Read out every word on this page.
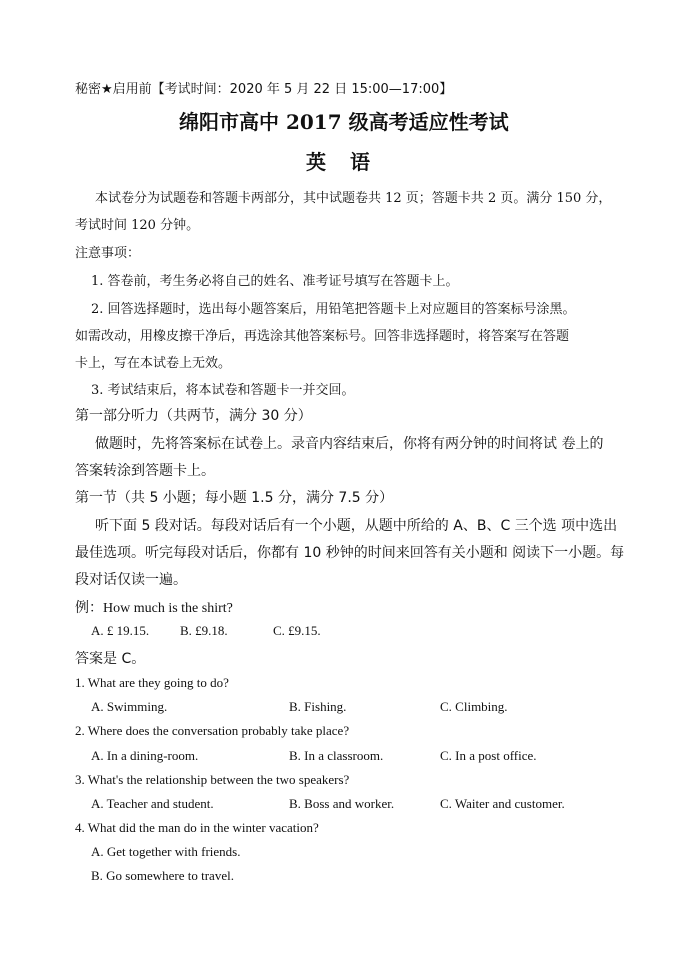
秘密★启用前【考试时间：2020 年 5 月 22 日 15:00—17:00】
绵阳市高中 2017 级高考适应性考试
英语
本试卷分为试题卷和答题卡两部分，其中试题卷共 12 页；答题卡共 2 页。满分 150 分，
考试时间 120 分钟。
注意事项：
1. 答卷前，考生务必将自己的姓名、准考证号填写在答题卡上。
2. 回答选择题时，选出每小题答案后，用铅笔把答题卡上对应题目的答案标号涂黑。
如需改动，用橡皮擦干净后，再选涂其他答案标号。回答非选择题时，将答案写在答题
卡上，写在本试卷上无效。
3. 考试结束后，将本试卷和答题卡一并交回。
第一部分听力（共两节，满分 30 分）
做题时，先将答案标在试卷上。录音内容结束后，你将有两分钟的时间将试 卷上的
答案转涂到答题卡上。
第一节（共 5 小题；每小题 1.5 分，满分 7.5 分）
听下面 5 段对话。每段对话后有一个小题，从题中所给的 A、B、C 三个选 项中选出
最佳选项。听完每段对话后，你都有 10 秒钟的时间来回答有关小题和 阅读下一小题。每
段对话仅读一遍。
例：How much is the shirt?
A. £ 19.15. B. £9.18.	C. £9.15.
答案是 C。
1. What are they going to do?
A. Swimming.	B. Fishing.	C. Climbing.
2. Where does the conversation probably take place?
A. In a dining-room.	B. In a classroom.	C. In a post office.
3. What's the relationship between the two speakers?
A. Teacher and student.	B. Boss and worker.	C. Waiter and customer.
4. What did the man do in the winter vacation?
A. Get together with friends.
B. Go somewhere to travel.
